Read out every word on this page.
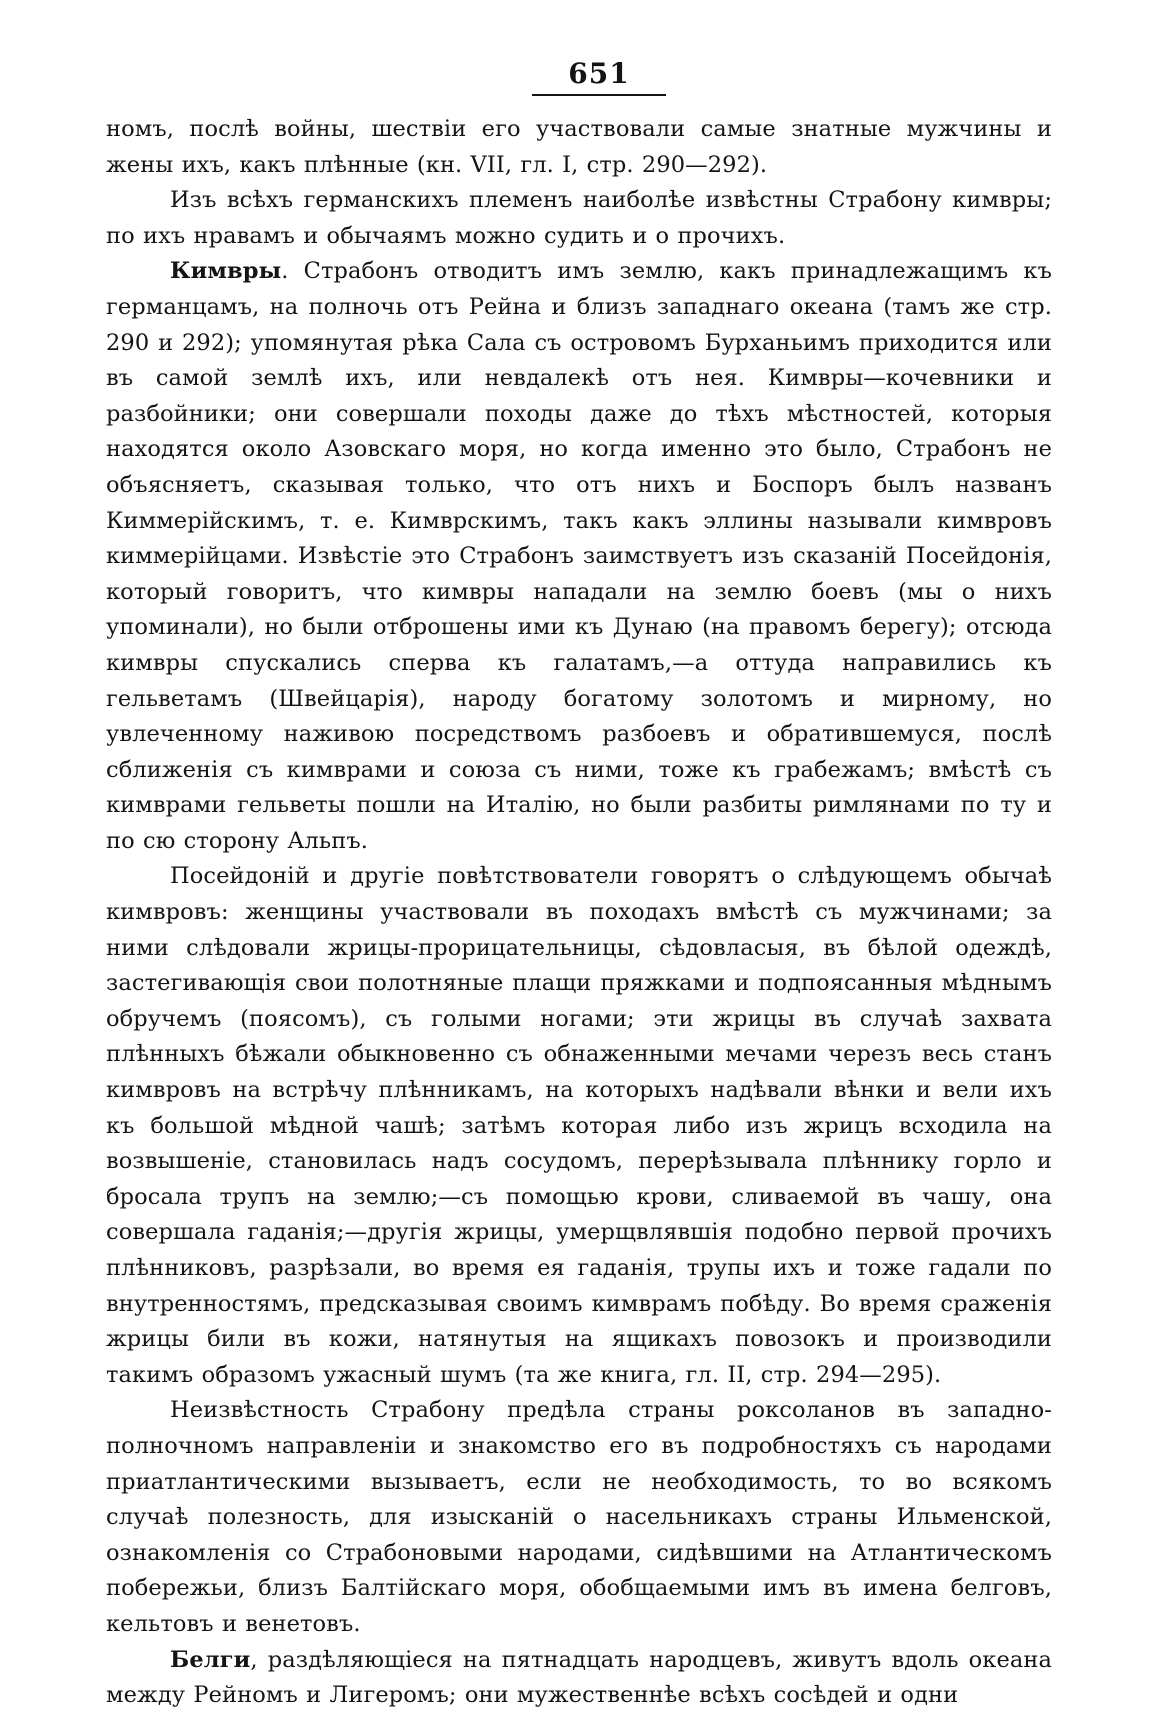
651

номъ, послѣ войны, шествіи его участвовали самые знатные мужчины и жены ихъ, какъ плѣнные (кн. VII, гл. I, стр. 290—292).

Изъ всѣхъ германскихъ племенъ наиболѣе извѣстны Страбону кимвры; по ихъ нравамъ и обычаямъ можно судить и о прочихъ.

Кимвры. Страбонъ отводитъ имъ землю, какъ принадлежащимъ къ германцамъ, на полночь отъ Рейна и близъ западнаго океана (тамъ же стр. 290 и 292); упомянутая рѣка Сала съ островомъ Бурханьимъ приходится или въ самой землѣ ихъ, или невдалекѣ отъ нея. Кимвры—кочевники и разбойники; они совершали походы даже до тѣхъ мѣстностей, которыя находятся около Азовскаго моря, но когда именно это было, Страбонъ не объясняетъ, сказывая только, что отъ нихъ и Боспоръ былъ названъ Киммерійскимъ, т. е. Кимврскимъ, такъ какъ эллины называли кимвровъ киммерійцами. Извѣстіе это Страбонъ заимствуетъ изъ сказаній Посейдонія, который говоритъ, что кимвры нападали на землю боевъ (мы о нихъ упоминали), но были отброшены ими къ Дунаю (на правомъ берегу); отсюда кимвры спускались сперва къ галатамъ,—а оттуда направились къ гельветамъ (Швейцарія), народу богатому золотомъ и мирному, но увлеченному наживою посредствомъ разбоевъ и обратившемуся, послѣ сближенія съ кимврами и союза съ ними, тоже къ грабежамъ; вмѣстѣ съ кимврами гельветы пошли на Италію, но были разбиты римлянами по ту и по сю сторону Альпъ.

Посейдоній и другіе повѣтствователи говорятъ о слѣдующемъ обычаѣ кимвровъ: женщины участвовали въ походахъ вмѣстѣ съ мужчинами; за ними слѣдовали жрицы-прорицательницы, сѣдовласыя, въ бѣлой одеждѣ, застегивающія свои полотняные плащи пряжками и подпоясанныя мѣднымъ обручемъ (поясомъ), съ голыми ногами; эти жрицы въ случаѣ захвата плѣнныхъ бѣжали обыкновенно съ обнаженными мечами черезъ весь станъ кимвровъ на встрѣчу плѣнникамъ, на которыхъ надѣвали вѣнки и вели ихъ къ большой мѣдной чашѣ; затѣмъ которая либо изъ жрицъ всходила на возвышеніе, становилась надъ сосудомъ, перерѣзывала плѣннику горло и бросала трупъ на землю;—съ помощью крови, сливаемой въ чашу, она совершала гаданія;—другія жрицы, умерщвлявшія подобно первой прочихъ плѣнниковъ, разрѣзали, во время ея гаданія, трупы ихъ и тоже гадали по внутренностямъ, предсказывая своимъ кимврамъ побѣду. Во время сраженія жрицы били въ кожи, натянутыя на ящикахъ повозокъ и производили такимъ образомъ ужасный шумъ (та же книга, гл. II, стр. 294—295).

Неизвѣстность Страбону предѣла страны роксоланов въ западно-полночномъ направленіи и знакомство его въ подробностяхъ съ народами приатлантическими вызываетъ, если не необходимость, то во всякомъ случаѣ полезность, для изысканій о насельникахъ страны Ильменской, ознакомленія со Страбоновыми народами, сидѣвшими на Атлантическомъ побережьи, близъ Балтійскаго моря, обобщаемыми имъ въ имена белговъ, кельтовъ и венетовъ.

Белги, раздѣляющіеся на пятнадцать народцевъ, живутъ вдоль океана между Рейномъ и Лигеромъ; они мужественнѣе всѣхъ сосѣдей и одни
